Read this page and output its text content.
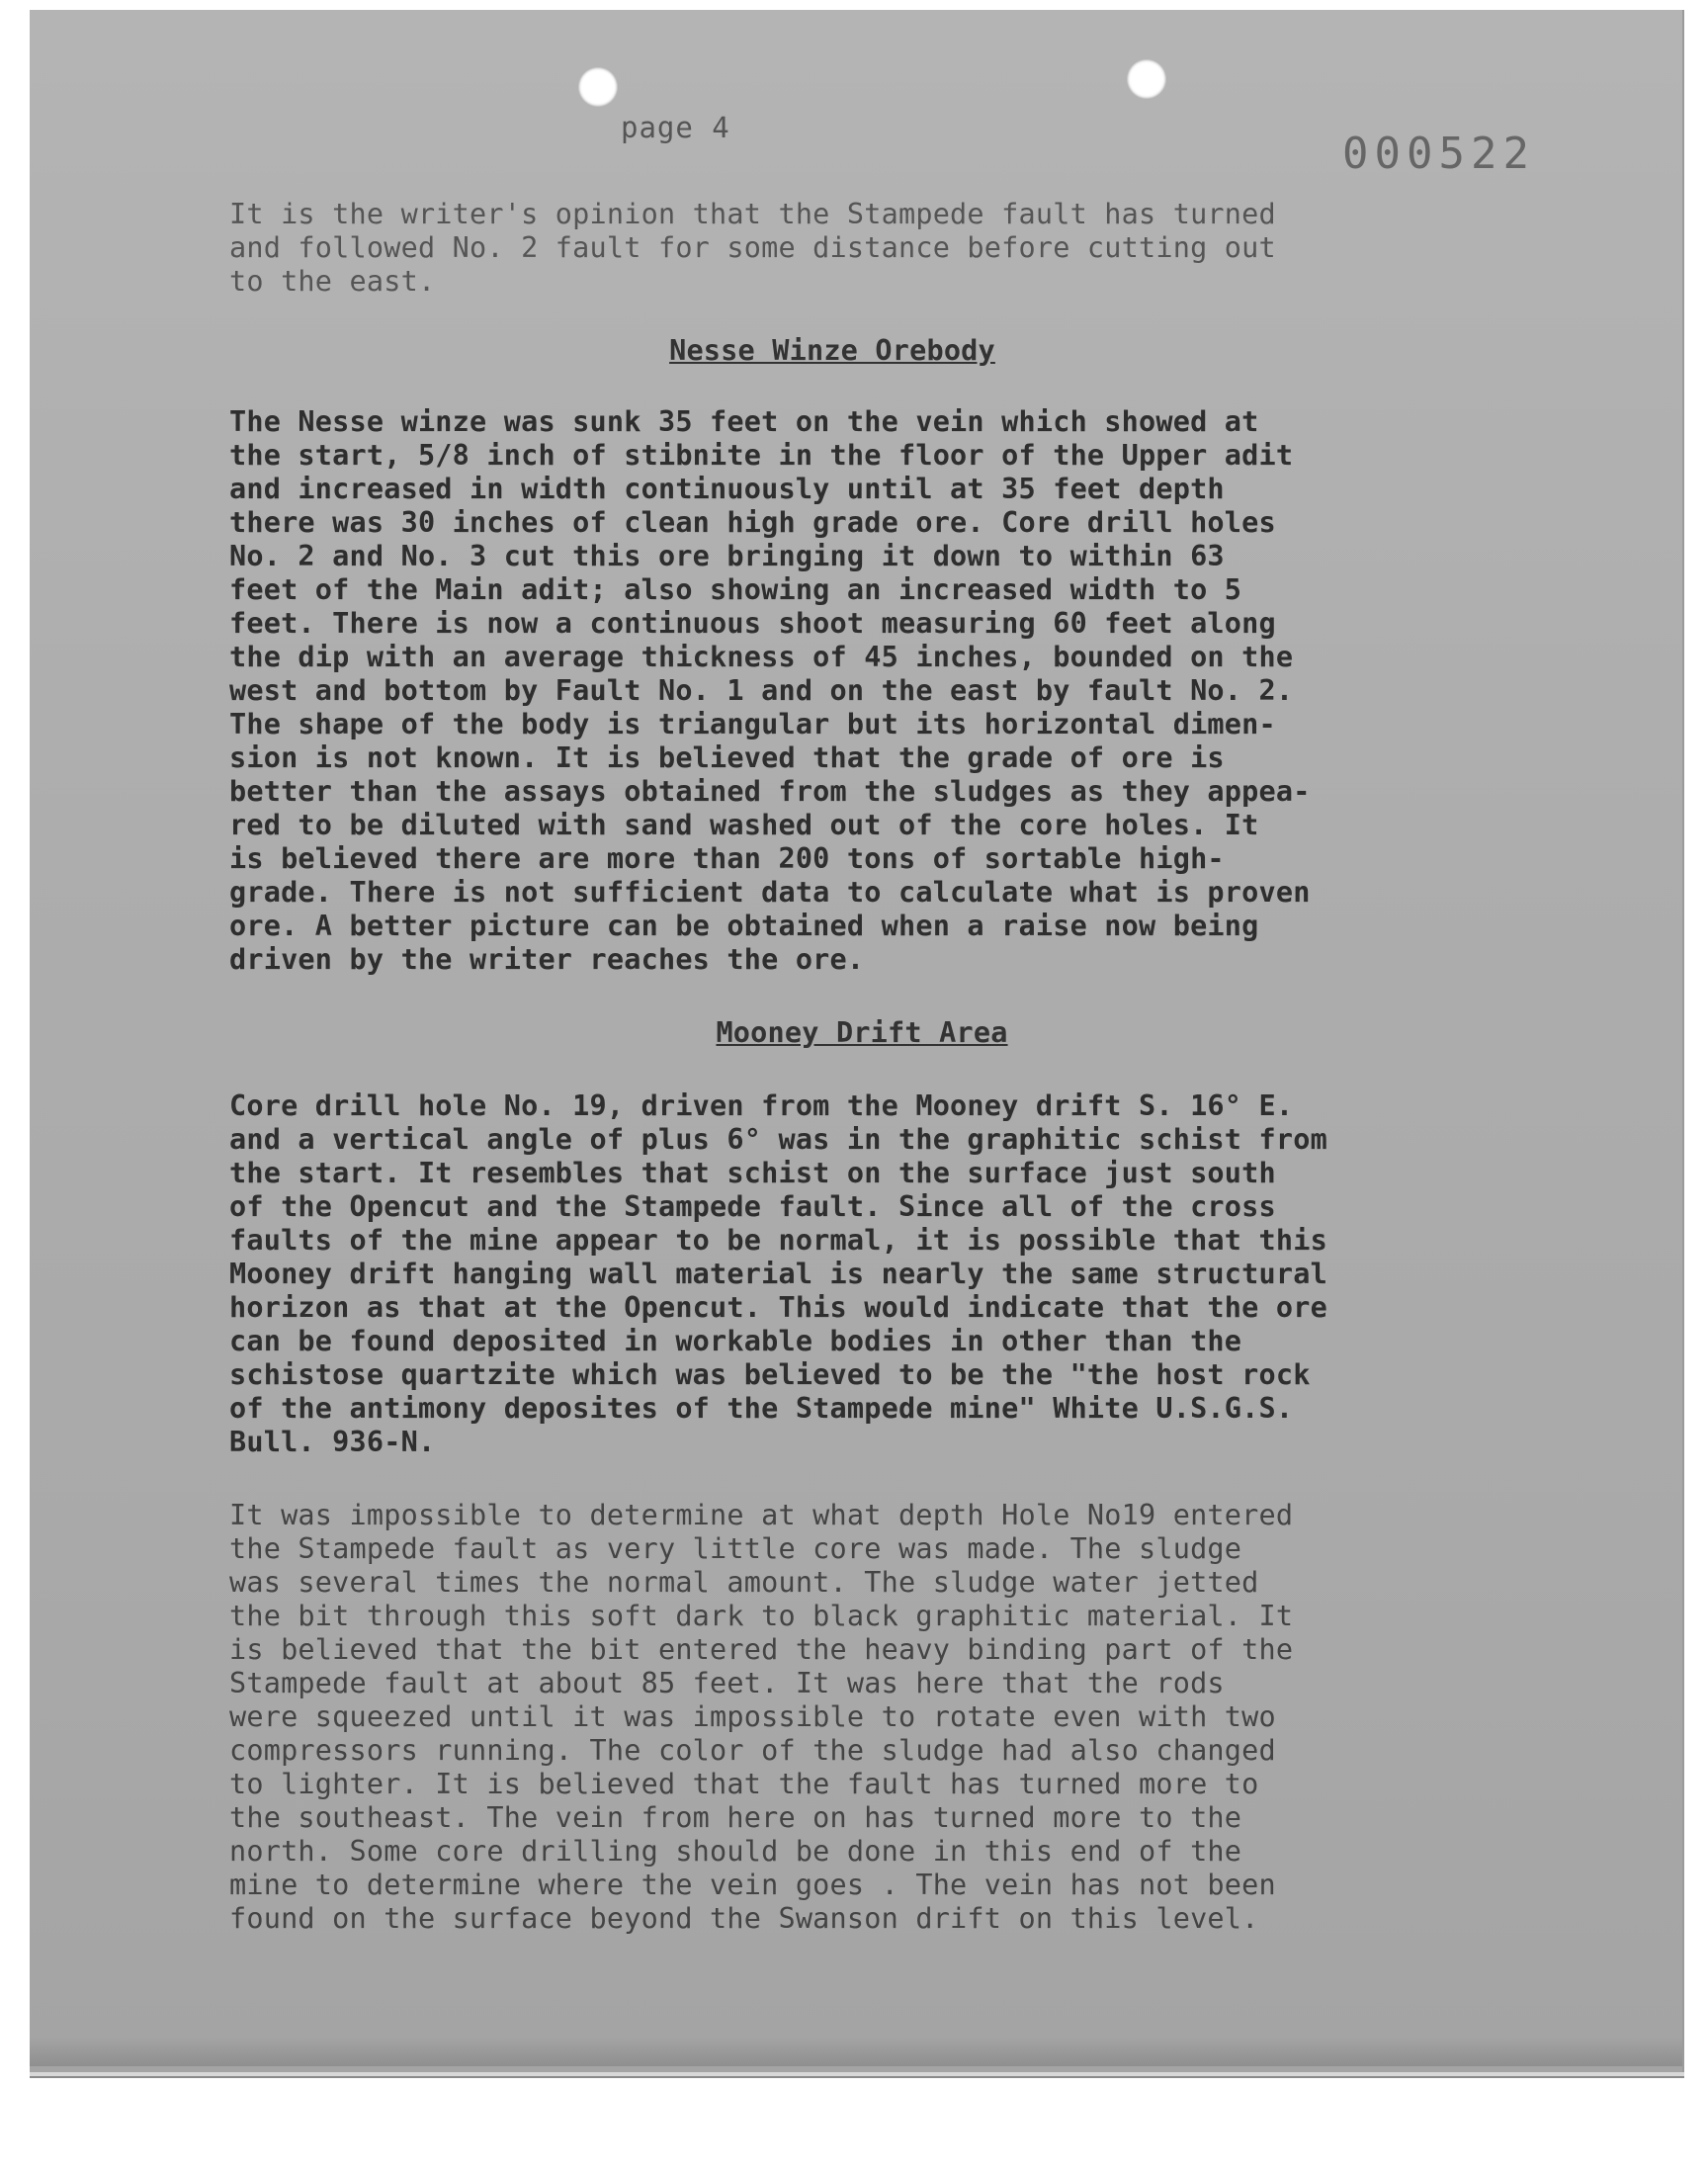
page 4
000522

It is the writer's opinion that the Stampede fault has turned
and followed No. 2 fault for some distance before cutting out
to the east.

Nesse Winze Orebody

The Nesse winze was sunk 35 feet on the vein which showed at
the start, 5/8 inch of stibnite in the floor of the Upper adit
and increased in width continuously until at 35 feet depth
there was 30 inches of clean high grade ore. Core drill holes
No. 2 and No. 3 cut this ore bringing it down to within 63
feet of the Main adit; also showing an increased width to 5
feet. There is now a continuous shoot measuring 60 feet along
the dip with an average thickness of 45 inches, bounded on the
west and bottom by Fault No. 1 and on the east by fault No. 2.
The shape of the body is triangular but its horizontal dimen-
sion is not known. It is believed that the grade of ore is
better than the assays obtained from the sludges as they appea-
red to be diluted with sand washed out of the core holes. It
is believed there are more than 200 tons of sortable high-
grade. There is not sufficient data to calculate what is proven
ore. A better picture can be obtained when a raise now being
driven by the writer reaches the ore.

Mooney Drift Area

Core drill hole No. 19, driven from the Mooney drift S. 16° E.
and a vertical angle of plus 6° was in the graphitic schist from
the start. It resembles that schist on the surface just south
of the Opencut and the Stampede fault. Since all of the cross
faults of the mine appear to be normal, it is possible that this
Mooney drift hanging wall material is nearly the same structural
horizon as that at the Opencut. This would indicate that the ore
can be found deposited in workable bodies in other than the
schistose quartzite which was believed to be the "the host rock
of the antimony deposites of the Stampede mine" White U.S.G.S.
Bull. 936-N.

It was impossible to determine at what depth Hole No19 entered
the Stampede fault as very little core was made. The sludge
was several times the normal amount. The sludge water jetted
the bit through this soft dark to black graphitic material. It
is believed that the bit entered the heavy binding part of the
Stampede fault at about 85 feet. It was here that the rods
were squeezed until it was impossible to rotate even with two
compressors running. The color of the sludge had also changed
to lighter. It is believed that the fault has turned more to
the southeast. The vein from here on has turned more to the
north. Some core drilling should be done in this end of the
mine to determine where the vein goes . The vein has not been
found on the surface beyond the Swanson drift on this level.
